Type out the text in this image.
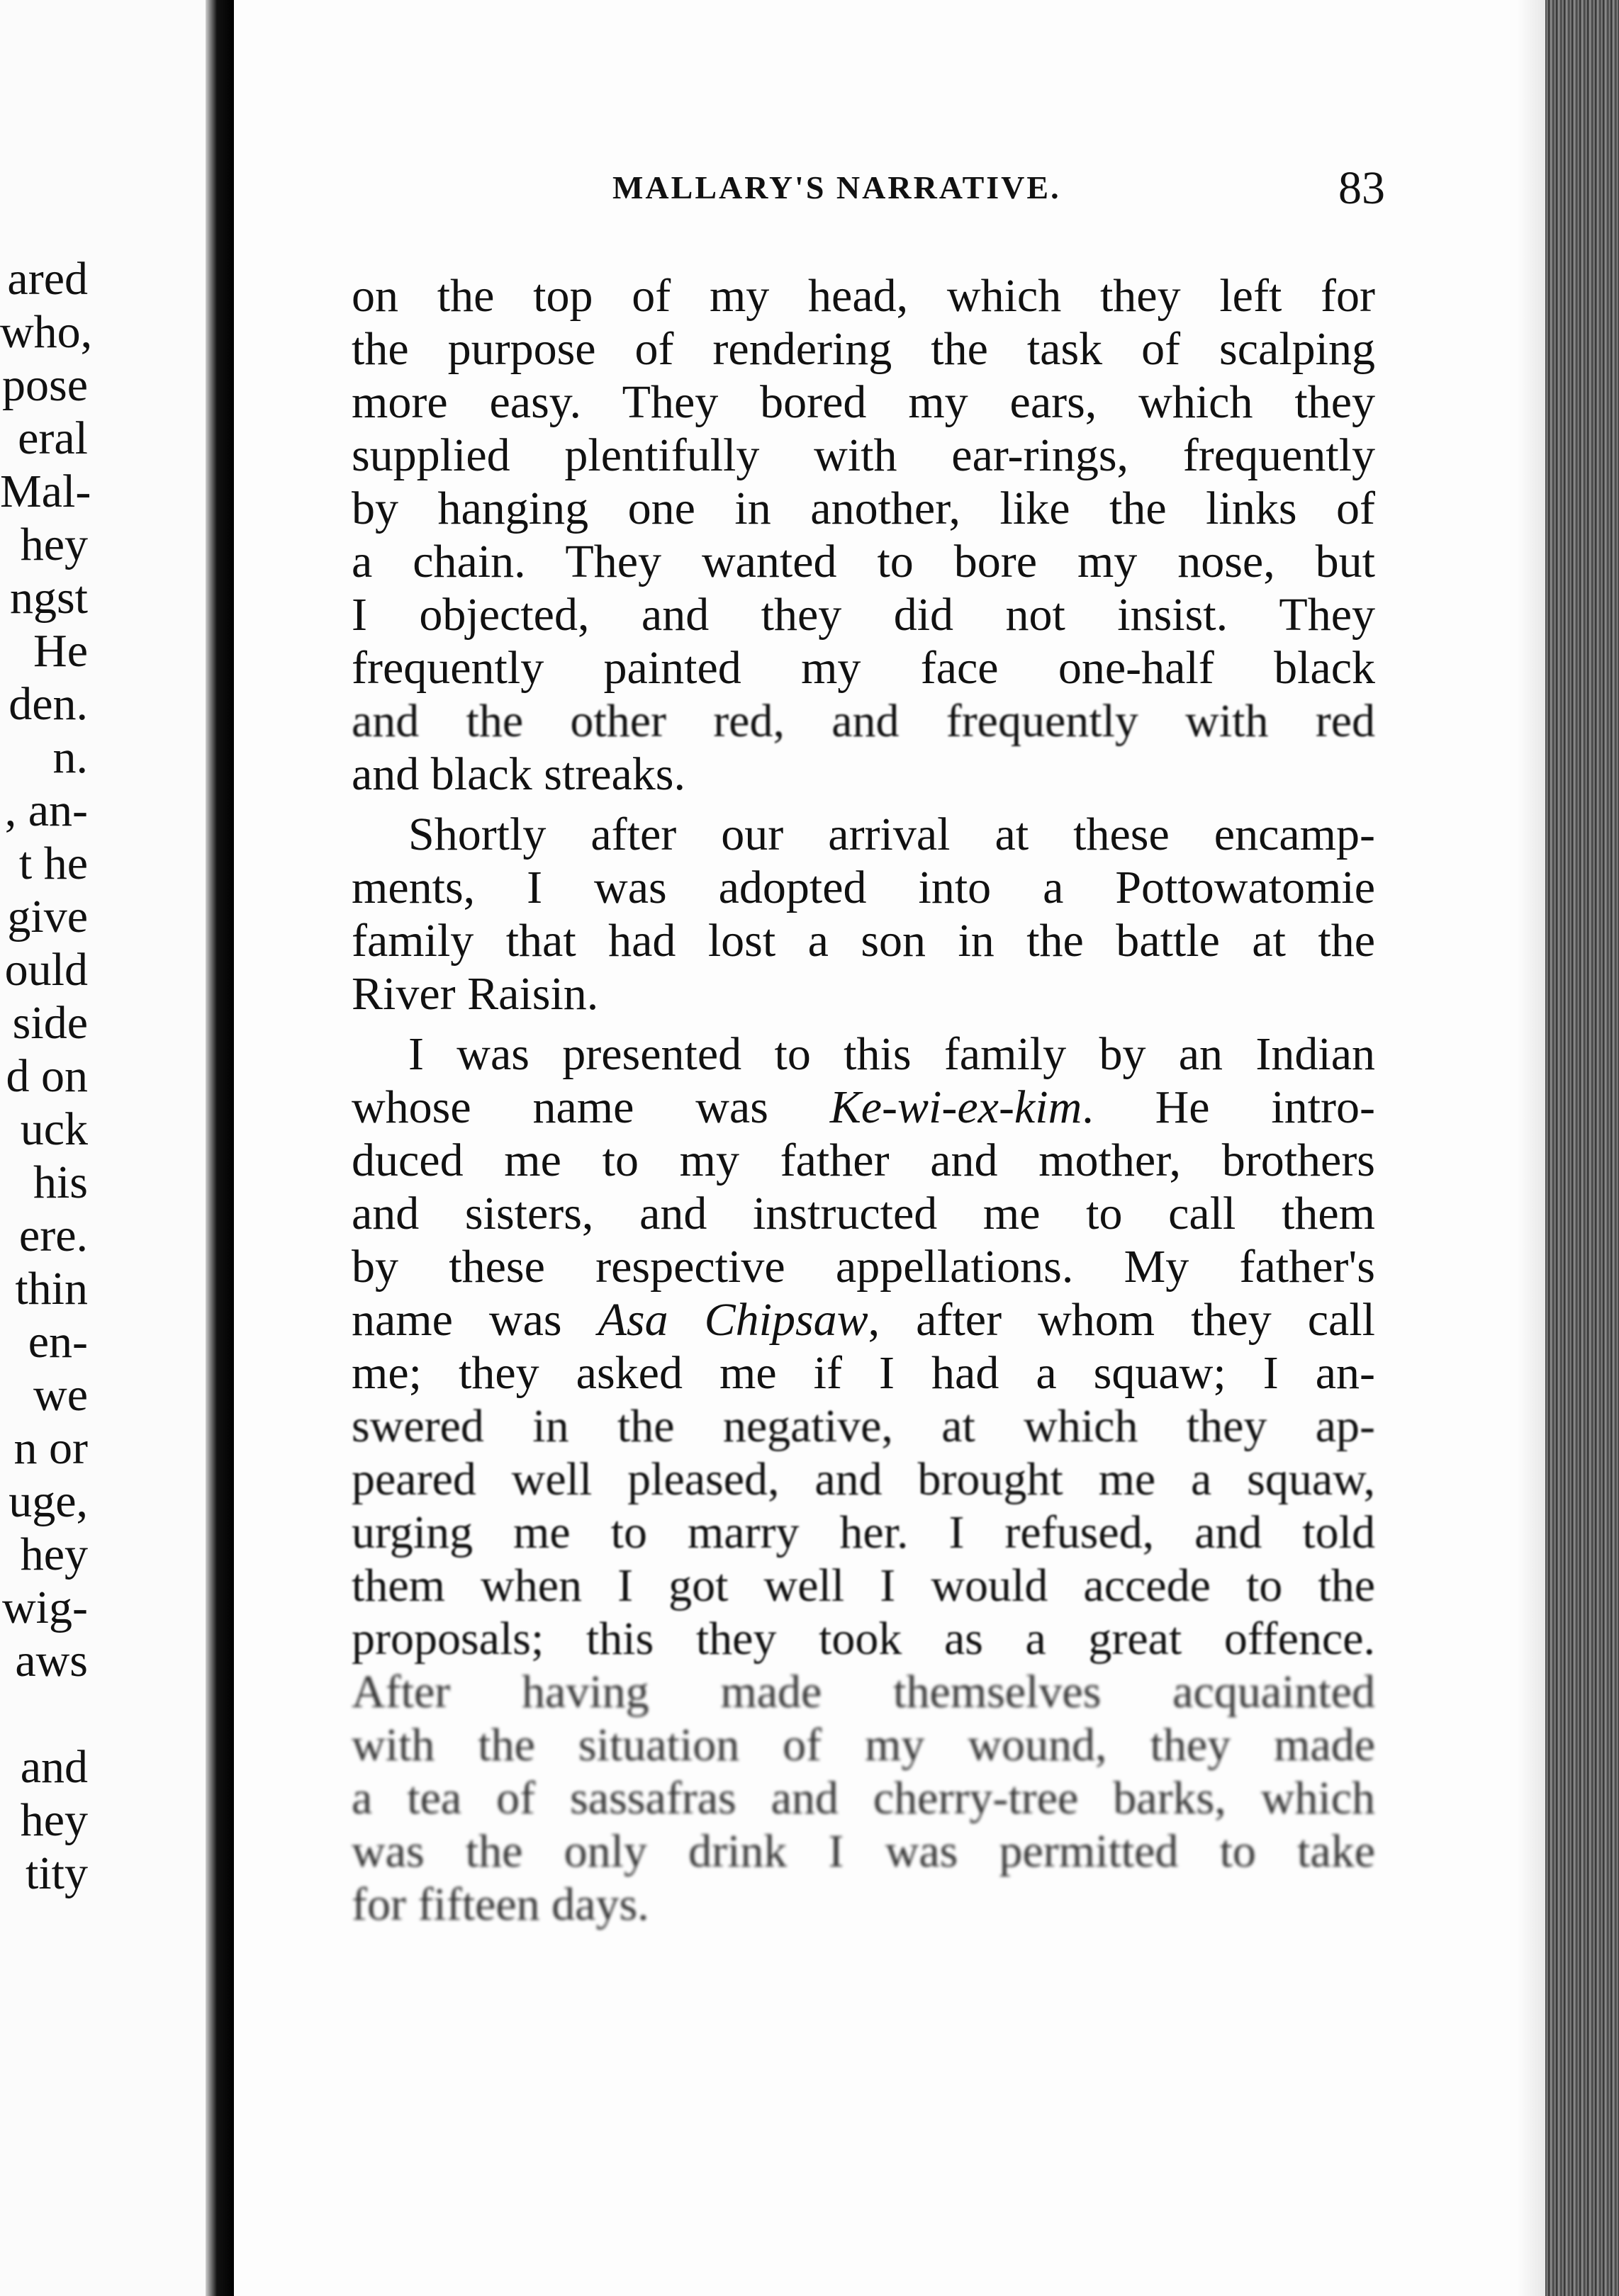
ared
who,
pose
eral
Mal-
hey
ngst
He
den.
n.
, an-
t he
give
ould
side
d on
uck
his
ere.
thin
en-
we
n or
uge,
hey
wig-
aws
and
hey
tity
MALLARY'S NARRATIVE.	83
on the top of my head, which they left for
the purpose of rendering the task of scalping
more easy. They bored my ears, which they
supplied plentifully with ear-rings, frequently
by hanging one in another, like the links of
a chain. They wanted to bore my nose, but
I objected, and they did not insist. They
frequently painted my face one-half black
and the other red, and frequently with red
and black streaks.
Shortly after our arrival at these encamp-
ments, I was adopted into a Pottowatomie
family that had lost a son in the battle at the
River Raisin.
I was presented to this family by an Indian
whose name was Ke-wi-ex-kim. He intro-
duced me to my father and mother, brothers
and sisters, and instructed me to call them
by these respective appellations. My father's
name was Asa Chipsaw, after whom they call
me; they asked me if I had a squaw; I an-
swered in the negative, at which they ap-
peared well pleased, and brought me a squaw,
urging me to marry her. I refused, and told
them when I got well I would accede to the
proposals; this they took as a great offence.
After having made themselves acquainted
with the situation of my wound, they made
a tea of sassafras and cherry-tree barks, which
was the only drink I was permitted to take
for fifteen days.
